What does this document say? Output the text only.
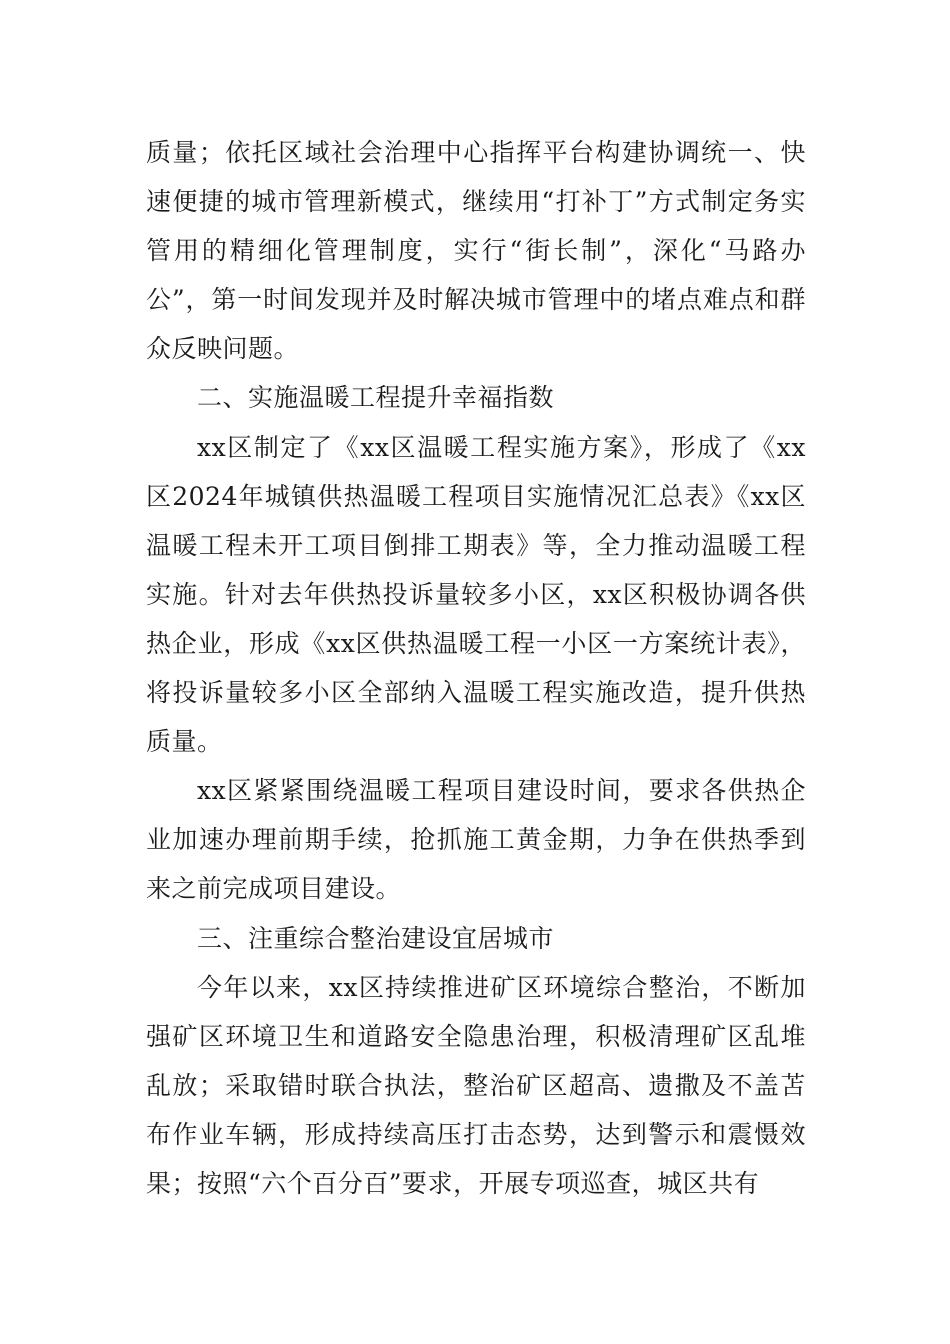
质量；依托区域社会治理中心指挥平台构建协调统一、快速便捷的城市管理新模式，继续用“打补丁”方式制定务实管用的精细化管理制度，实行“街长制”，深化“马路办公”，第一时间发现并及时解决城市管理中的堵点难点和群众反映问题。

二、实施温暖工程提升幸福指数

xx区制定了《xx区温暖工程实施方案》，形成了《xx区2024年城镇供热温暖工程项目实施情况汇总表》《xx区温暖工程未开工项目倒排工期表》等，全力推动温暖工程实施。针对去年供热投诉量较多小区，xx区积极协调各供热企业，形成《xx区供热温暖工程一小区一方案统计表》，将投诉量较多小区全部纳入温暖工程实施改造，提升供热质量。

xx区紧紧围绕温暖工程项目建设时间，要求各供热企业加速办理前期手续，抢抓施工黄金期，力争在供热季到来之前完成项目建设。

三、注重综合整治建设宜居城市

今年以来，xx区持续推进矿区环境综合整治，不断加强矿区环境卫生和道路安全隐患治理，积极清理矿区乱堆乱放；采取错时联合执法，整治矿区超高、遗撒及不盖苫布作业车辆，形成持续高压打击态势，达到警示和震慑效果；按照“六个百分百”要求，开展专项巡查，城区共有
